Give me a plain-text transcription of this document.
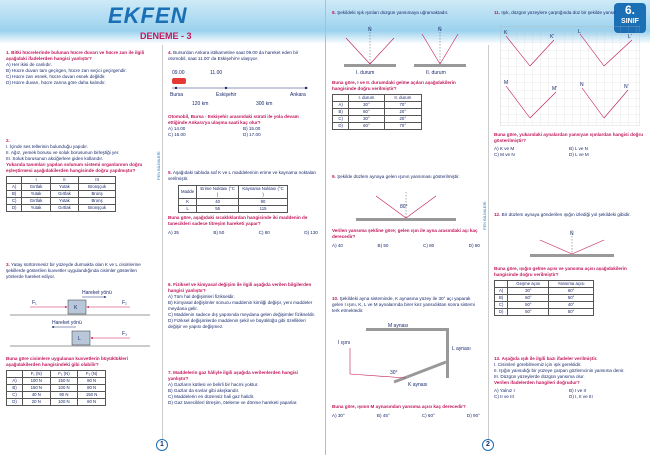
EKFEN
DENEME - 3
FEN BİLİMLERİ
1. Bitki hücrelerinde bulunan hücre duvarı ve hücre zarı ile ilgili aşağıdaki ifadelerden hangisi yanlıştır?
A) Her ikisi de canlıdır.
B) Hücre duvarı tam geçirgen, hücre zarı seçici geçirgendir.
C) Hücre zarı esnek, hücre duvarı esnek değildir.
D) Hücre duvarı, hücre zarına göre daha kalındır.
2.
I. İçinde ses tellerinin bulunduğu yapıdır.
II. Ağız, yemek borusu ve soluk borusunun birleştiği yer.
III. Soluk borusunun akciğerlere giden kollarıdır.
Yukarıda tanımları yapılan solunum sistemi organlarının doğru eşleştirmesi aşağıdakilerden hangisinde doğru yapılmıştır?
	I	II	III
A)	Gırtlak	Yutak	Bronşçuk
B)	Yutak	Gırtlak	Bronş
C)	Gırtlak	Yutak	Bronş
D)	Yutak	Gırtlak	Bronşçuk
3. Yatay sürtünmesiz bir yüzeyde durmakta olan K ve L cisimlerine şekillerde gösterilen kuvvetler uygulandığında cisimler gösterilen yönlerde hareket ediyor.
Hareket yönü
K
F₁	F₂
Hareket yönü
L
F₃
Buna göre cisimlere uygulanan kuvvetlerin büyüklükleri aşağıdakilerden hangisindeki gibi olabilir?
	F₁ (N)	F₂ (N)	F₃ (N)
A)	100 N	150 N	80 N
B)	150 N	100 N	80 N
C)	40 N	90 N	150 N
D)	20 N	100 N	60 N
4. Bursa'dan Ankara istikametine saat 09.00 da hareket eden bir otomobil, saat 11.00' da Eskişehir'e ulaşıyor.
09.00	11.00
Bursa	Eskişehir	Ankara
120 km	300 km
Otomobil, Bursa - Eskişehir arasındaki sürati ile yola devam ettiğinde Ankara'ya ulaşma saati kaç olur?
A) 14.00	B) 15.00
C) 16.00	D) 17.00
5. Aşağıdaki tabloda saf K ve L maddelerinin erime ve kaynama noktaları verilmiştir.
Madde	Erime Noktası (°C )	Kaynama Noktası (°C )
K	40	90
L	55	115
Buna göre, aşağıdaki sıcaklıklardan hangisinde iki maddenin de tanecikleri sadece titreşim hareketi yapar?
A) 35	B) 50	C) 80	D) 130
6. Fiziksel ve kimyasal değişim ile ilgili aşağıda verilen bilgilerden hangisi yanlıştır?
A) Tüm hal değişimleri fizikseldir.
B) Kimyasal değişimler sonucu maddenin kimliği değişir, yeni maddeler meydana gelir.
C) Maddenin sadece dış yapısında meydana gelen değişimler fizikseldir.
D) Fiziksel değişimlerde maddenin şekil ve büyüklüğü gibi özellikleri değişir ve yapısı değişmez.
7. Maddelerin gaz hâliyle ilgili aşağıda verilenlerden hangisi yanlıştır?
A) Gazların kütlesi ve belirli bir hacmi yoktur.
B) Gazlar da sıvılar gibi akışkandır.
C) Maddelerin en düzensiz hali gaz halidir.
D) Gaz tanecikleri titreşim, öteleme ve dönme hareketi yaparlar.
1
6.
SINIF
FEN BİLİMLERİ
8. Şekildeki ışık ışınları düzgün yansımaya uğramaktadır.
N
I. durum
N
II. durum
Buna göre, I ve II. durumdaki gelme açıları aşağıdakilerin hangisinde doğru verilmiştir?
	I. durum	II. durum
A)	30°	70°
B)	60°	20°
C)	30°	20°
D)	60°	70°
9. Şekilde düzlem aynaya gelen ışının yansıması gösterilmiştir.
80°
Verilen yansıma şekline göre; gelen ışın ile ayna arasındaki açı kaç derecedir?
A) 40	B) 50	C) 80	D) 80
10. Şekildeki ayna sisteminde, K aynasına yüzey ile 30° açı yaparak gelen I ışını, K, L ve M aynalarında birer kez yansıdıktan sonra sistemi terk etmektedir.
M aynası
L aynası
K aynası
I ışını
30°
Buna göre, ışının M aynasından yansıma açısı kaç derecedir?
A) 30°	B) 45°	C) 60°	D) 90°
11. Işık, düzgün yüzeylere çarptığında düz bir şekilde yansır.
K
K'
L
L'
M
M'
N	N'
Buna göre, yukarıdaki aynalardan yansıyan ışınlardan hangisi doğru gösterilmiştir?
A) K ve M	B) L ve N
C) M ve N	D) L ve M
12. Bir düzlem aynaya gönderilen ışığın izlediği yol şekildeki gibidir.
N
Buna göre, ışığın gelme açısı ve yansıma açısı aşağıdakilerin hangisinde doğru verilmiştir?
	Geşme açısı	Yansıma açısı
A)	30°	60°
B)	60°	50°
C)	50°	40°
D)	50°	50°
13. Aşağıda ışık ile ilgili bazı ifadeler verilmiştir.
I. Cisimleri görebilmemiz için ışık gereklidir.
II. Işığın yansıdığı bir yüzeye çarpan gözlemcinin yansıma denir.
III. Düzgün yüzeylerde düzgün yansıma olur.
Verilen ifadelerden hangileri doğrudur?
A) Yalnız I	B) I ve II
C) II ve III	D) I, II ve III
2
